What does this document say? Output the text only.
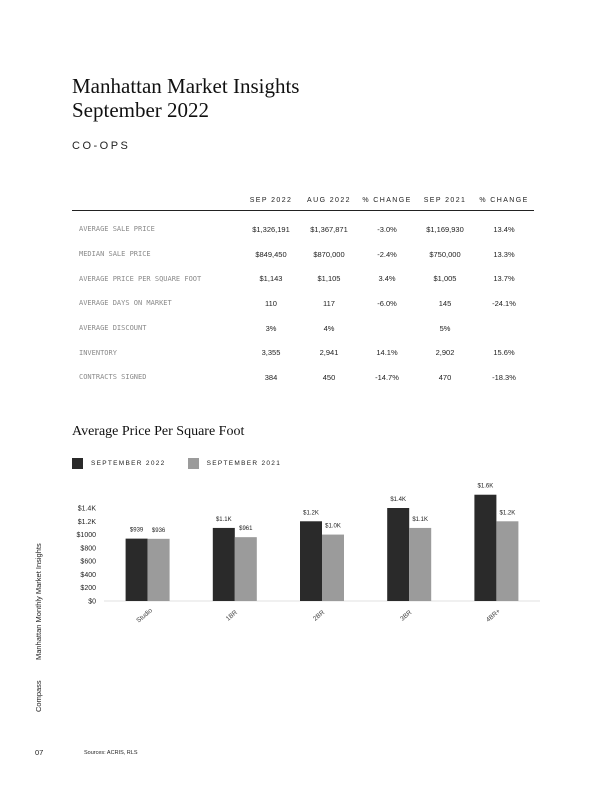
Manhattan Market Insights
September 2022
CO-OPS
	SEP 2022	AUG 2022	% CHANGE	SEP 2021	% CHANGE
AVERAGE SALE PRICE	$1,326,191	$1,367,871	-3.0%	$1,169,930	13.4%
MEDIAN SALE PRICE	$849,450	$870,000	-2.4%	$750,000	13.3%
AVERAGE PRICE PER SQUARE FOOT	$1,143	$1,105	3.4%	$1,005	13.7%
AVERAGE DAYS ON MARKET	110	117	-6.0%	145	-24.1%
AVERAGE DISCOUNT	3%	4%		5%	
INVENTORY	3,355	2,941	14.1%	2,902	15.6%
CONTRACTS SIGNED	384	450	-14.7%	470	-18.3%
Average Price Per Square Foot
SEPTEMBER 2022	SEPTEMBER 2021
$0
$200
$400
$600
$800
$1000
$1.2K
$1.4K
$939 $936
Studio
$1.1K
$961
1BR
$1.2K
$1.0K
2BR
$1.4K
$1.1K
3BR
$1.6K
$1.2K
4BR+
Compass
Manhattan Monthly Market Insights
07	Sources: ACRIS, RLS
